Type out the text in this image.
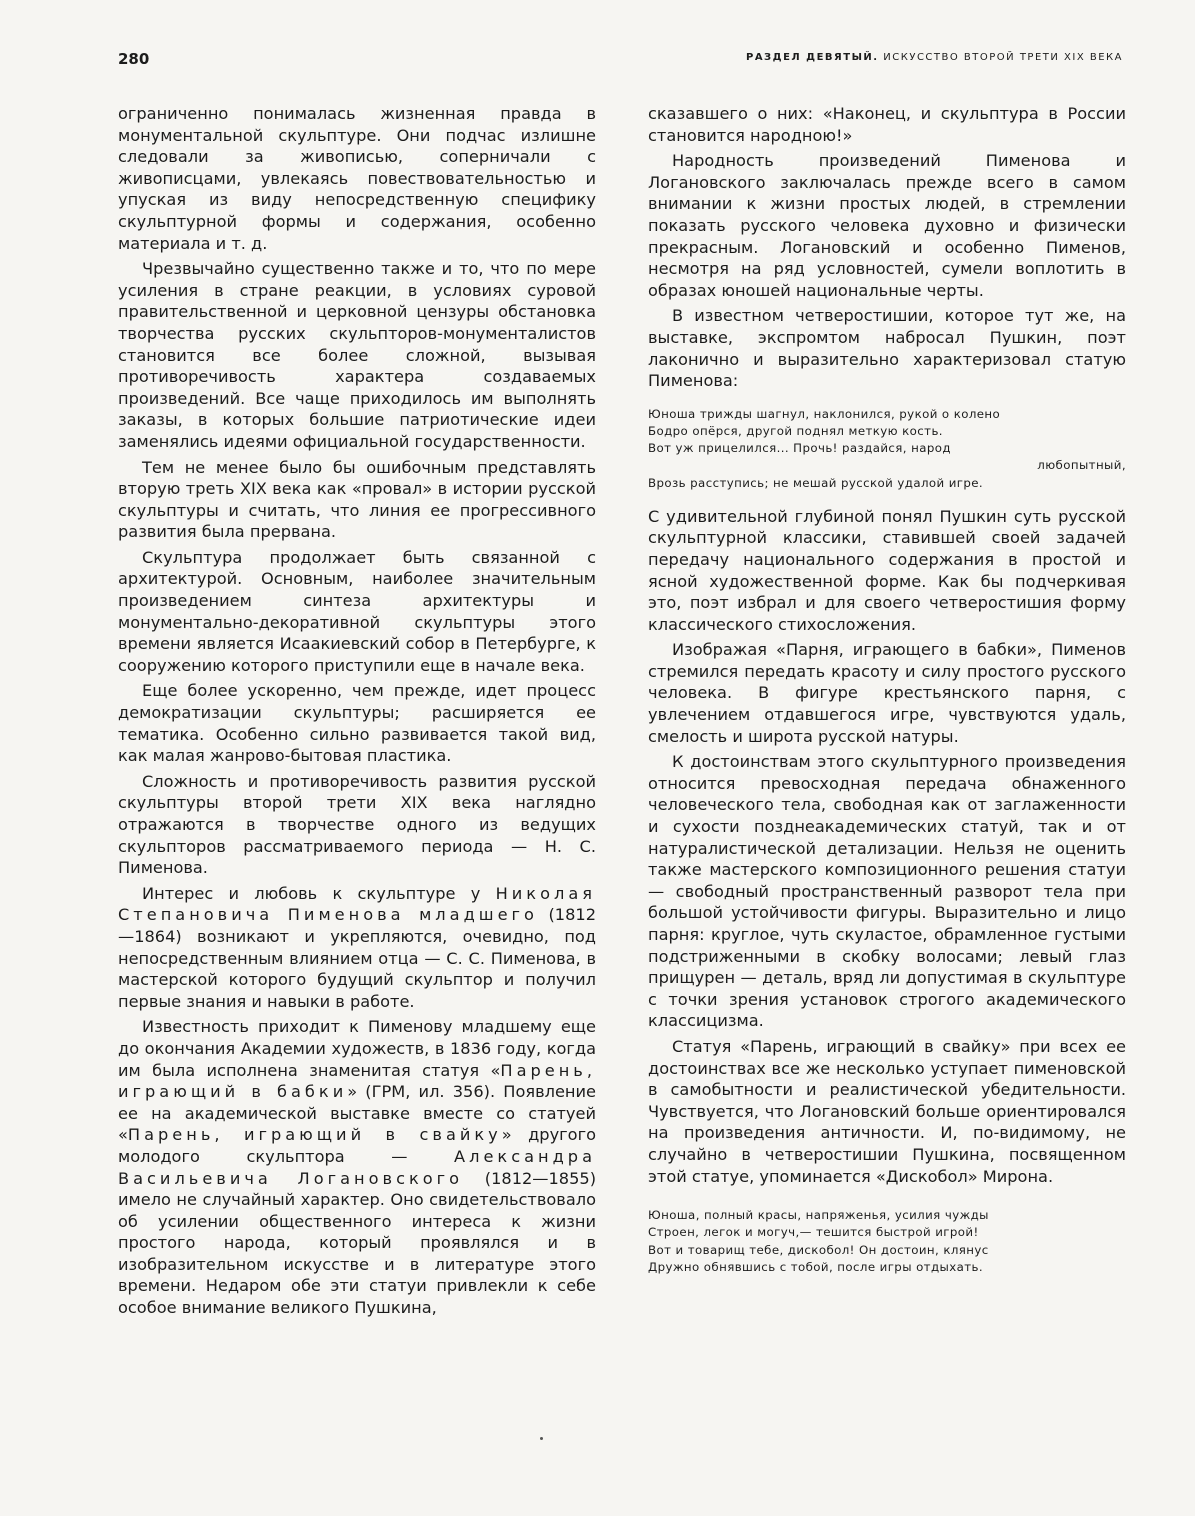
280	РАЗДЕЛ ДЕВЯТЫЙ. ИСКУССТВО ВТОРОЙ ТРЕТИ XIX ВЕКА

ограниченно понималась жизненная правда в монументальной скульптуре. Они подчас излишне следовали за живописью, соперничали с живописцами, увлекаясь повествовательностью и упуская из виду непосредственную специфику скульптурной формы и содержания, особенно материала и т. д.

Чрезвычайно существенно также и то, что по мере усиления в стране реакции, в условиях суровой правительственной и церковной цензуры обстановка творчества русских скульпторов-монументалистов становится все более сложной, вызывая противоречивость характера создаваемых произведений. Все чаще приходилось им выполнять заказы, в которых большие патриотические идеи заменялись идеями официальной государственности.

Тем не менее было бы ошибочным представлять вторую треть XIX века как «провал» в истории русской скульптуры и считать, что линия ее прогрессивного развития была прервана.

Скульптура продолжает быть связанной с архитектурой. Основным, наиболее значительным произведением синтеза архитектуры и монументально-декоративной скульптуры этого времени является Исаакиевский собор в Петербурге, к сооружению которого приступили еще в начале века.

Еще более ускоренно, чем прежде, идет процесс демократизации скульптуры; расширяется ее тематика. Особенно сильно развивается такой вид, как малая жанрово-бытовая пластика.

Сложность и противоречивость развития русской скульптуры второй трети XIX века наглядно отражаются в творчестве одного из ведущих скульпторов рассматриваемого периода — Н. С. Пименова.

Интерес и любовь к скульптуре у Николая Степановича Пименова младшего (1812—1864) возникают и укрепляются, очевидно, под непосредственным влиянием отца — С. С. Пименова, в мастерской которого будущий скульптор и получил первые знания и навыки в работе.

Известность приходит к Пименову младшему еще до окончания Академии художеств, в 1836 году, когда им была исполнена знаменитая статуя «Парень, играющий в бабки» (ГРМ, ил. 356). Появление ее на академической выставке вместе со статуей «Парень, играющий в свайку» другого молодого скульптора — Александра Васильевича Логановского (1812—1855) имело не случайный характер. Оно свидетельствовало об усилении общественного интереса к жизни простого народа, который проявлялся и в изобразительном искусстве и в литературе этого времени. Недаром обе эти статуи привлекли к себе особое внимание великого Пушкина,

сказавшего о них: «Наконец, и скульптура в России становится народною!»

Народность произведений Пименова и Логановского заключалась прежде всего в самом внимании к жизни простых людей, в стремлении показать русского человека духовно и физически прекрасным. Логановский и особенно Пименов, несмотря на ряд условностей, сумели воплотить в образах юношей национальные черты.

В известном четверостишии, которое тут же, на выставке, экспромтом набросал Пушкин, поэт лаконично и выразительно характеризовал статую Пименова:

Юноша трижды шагнул, наклонился, рукой о колено
Бодро опёрся, другой поднял меткую кость.
Вот уж прицелился... Прочь! раздайся, народ
любопытный,
Врозь расступись; не мешай русской удалой игре.

С удивительной глубиной понял Пушкин суть русской скульптурной классики, ставившей своей задачей передачу национального содержания в простой и ясной художественной форме. Как бы подчеркивая это, поэт избрал и для своего четверостишия форму классического стихосложения.

Изображая «Парня, играющего в бабки», Пименов стремился передать красоту и силу простого русского человека. В фигуре крестьянского парня, с увлечением отдавшегося игре, чувствуются удаль, смелость и широта русской натуры.

К достоинствам этого скульптурного произведения относится превосходная передача обнаженного человеческого тела, свободная как от заглаженности и сухости позднеакадемических статуй, так и от натуралистической детализации. Нельзя не оценить также мастерского композиционного решения статуи — свободный пространственный разворот тела при большой устойчивости фигуры. Выразительно и лицо парня: круглое, чуть скуластое, обрамленное густыми подстриженными в скобку волосами; левый глаз прищурен — деталь, вряд ли допустимая в скульптуре с точки зрения установок строгого академического классицизма.

Статуя «Парень, играющий в свайку» при всех ее достоинствах все же несколько уступает пименовской в самобытности и реалистической убедительности. Чувствуется, что Логановский больше ориентировался на произведения античности. И, по-видимому, не случайно в четверостишии Пушкина, посвященном этой статуе, упоминается «Дискобол» Мирона.

Юноша, полный красы, напряженья, усилия чужды
Строен, легок и могуч,— тешится быстрой игрой!
Вот и товарищ тебе, дискобол! Он достоин, клянус
Дружно обнявшись с тобой, после игры отдыхать.
